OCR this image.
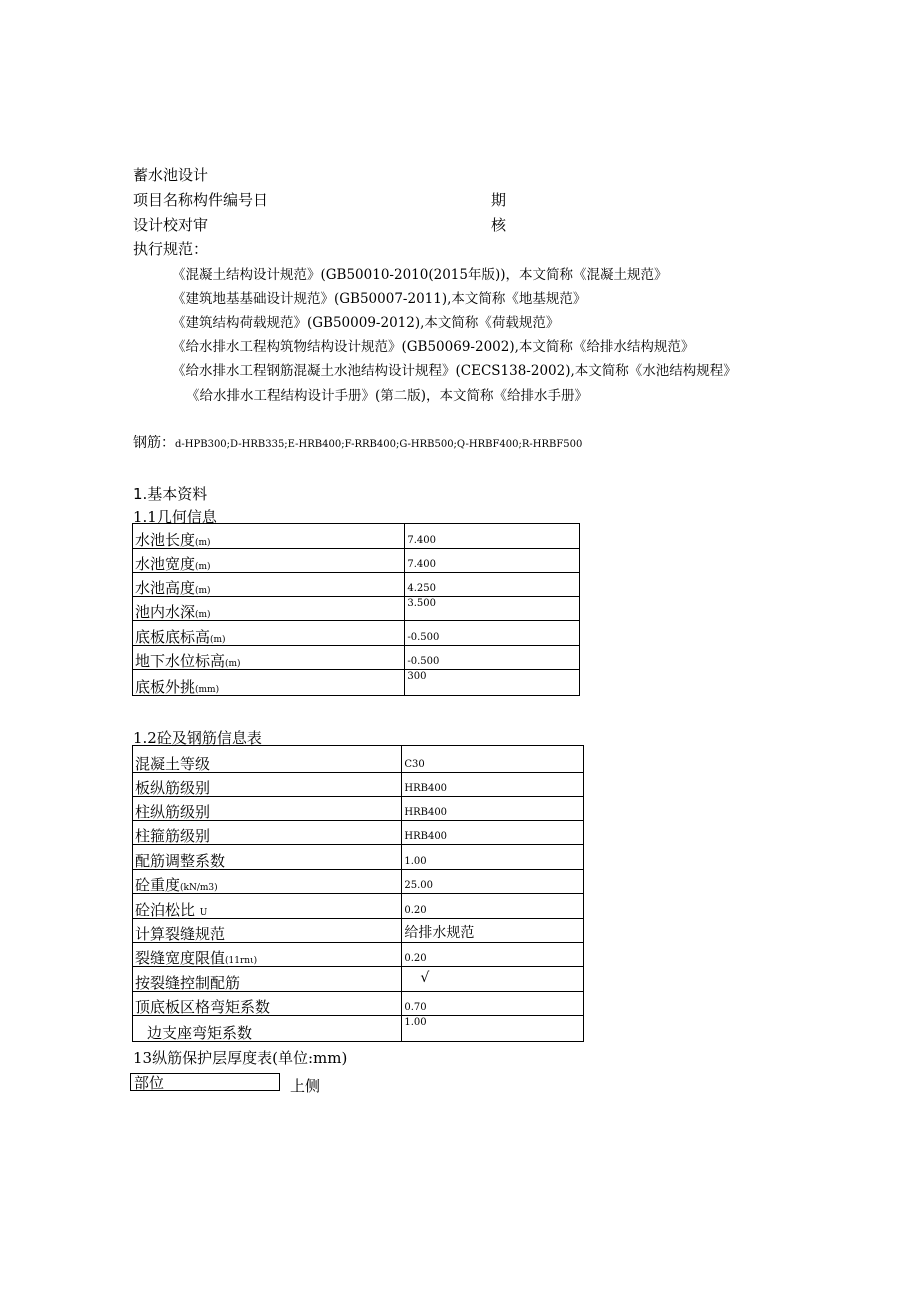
蓄水池设计
项目名称构件编号日	期
设计校对审	核
执行规范：
《混凝土结构设计规范》(GB50010-2010(2015年版))，本文简称《混凝土规范》
《建筑地基基础设计规范》(GB50007-2011),本文简称《地基规范》
《建筑结构荷载规范》(GB50009-2012),本文简称《荷载规范》
《给水排水工程构筑物结构设计规范》(GB50069-2002),本文简称《给排水结构规范》
《给水排水工程钢筋混凝土水池结构设计规程》(CECS138-2002),本文简称《水池结构规程》
《给水排水工程结构设计手册》(第二版)，本文简称《给排水手册》
钢筋：d-HPB300;D-HRB335;E-HRB400;F-RRB400;G-HRB500;Q-HRBF400;R-HRBF500
1.基本资料
1.1几何信息
水池长度(m)	7.400
水池宽度(m)	7.400
水池高度(m)	4.250
池内水深(m)	3.500
底板底标高(m)	-0.500
地下水位标高(m)	-0.500
底板外挑(mm)	300
1.2砼及钢筋信息表
混凝土等级	C30
板纵筋级别	HRB400
柱纵筋级别	HRB400
柱箍筋级别	HRB400
配筋调整系数	1.00
砼重度(kN/m3)	25.00
砼泊松比 U	0.20
计算裂缝规范	给排水规范
裂缝宽度限值(11rnι)	0.20
按裂缝控制配筋	√
顶底板区格弯矩系数	0.70
边支座弯矩系数	1.00
13纵筋保护层厚度表(单位:mm)
部位	上侧
